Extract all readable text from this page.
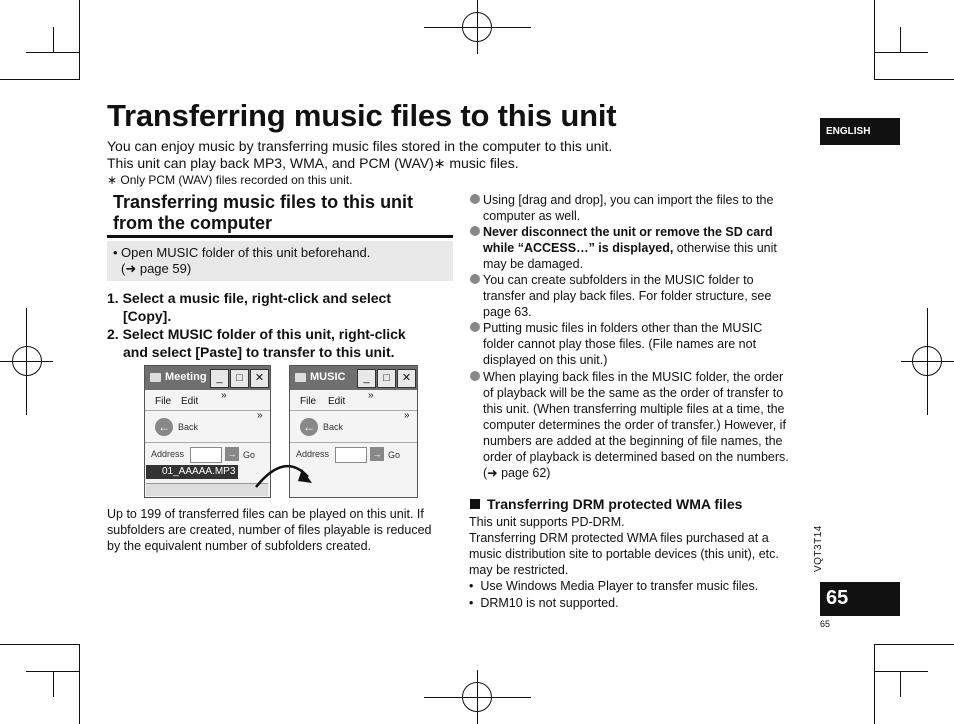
Transferring music files to this unit
You can enjoy music by transferring music files stored in the computer to this unit.
This unit can play back MP3, WMA, and PCM (WAV)∗ music files.
∗ Only PCM (WAV) files recorded on this unit.
Transferring music files to this unit from the computer
• Open MUSIC folder of this unit beforehand.
(➜ page 59)
1. Select a music file, right-click and select
[Copy].
2. Select MUSIC folder of this unit, right-click
and select [Paste] to transfer to this unit.
Meeting _	□	✕
File Edit
»
»
← Back
Address	→ Go
01_AAAAA.MP3
MUSIC	_	□	✕
File Edit
»
»
← Back
Address	→ Go
Up to 199 of transferred files can be played on this unit. If
subfolders are created, number of files playable is reduced
by the equivalent number of subfolders created.
Using [drag and drop], you can import the files to the
computer as well.
Never disconnect the unit or remove the SD card
while “ACCESS…” is displayed, otherwise this unit
may be damaged.
You can create subfolders in the MUSIC folder to
transfer and play back files. For folder structure, see
page 63.
Putting music files in folders other than the MUSIC
folder cannot play those files. (File names are not
displayed on this unit.)
When playing back files in the MUSIC folder, the order
of playback will be the same as the order of transfer to
this unit. (When transferring multiple files at a time, the
computer determines the order of transfer.) However, if
numbers are added at the beginning of file names, the
order of playback is determined based on the numbers.
(➜ page 62)
Transferring DRM protected WMA files
This unit supports PD-DRM.
Transferring DRM protected WMA files purchased at a
music distribution site to portable devices (this unit), etc.
may be restricted.
•  Use Windows Media Player to transfer music files.
•  DRM10 is not supported.
ENGLISH
VQT3T14
65
65
